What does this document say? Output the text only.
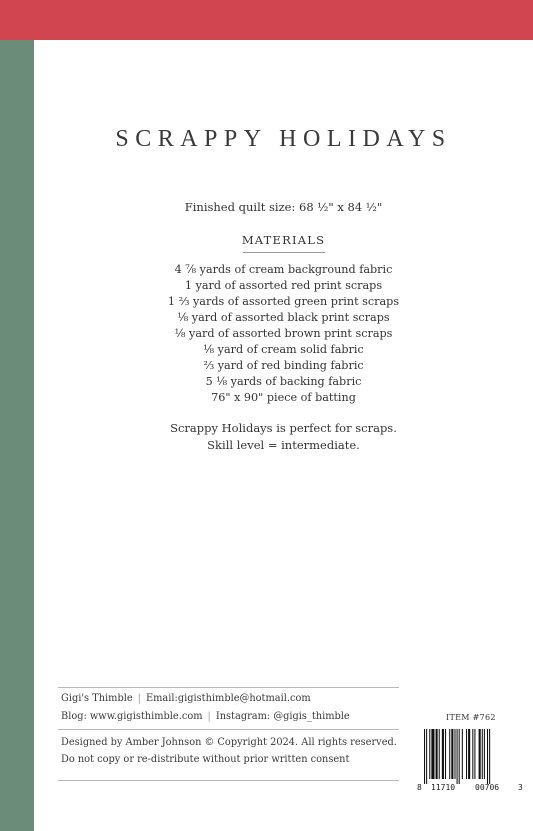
SCRAPPY HOLIDAYS
Finished quilt size: 68 ½" x 84 ½"
MATERIALS
4 ⅞ yards of cream background fabric
1 yard of assorted red print scraps
1 ⅔ yards of assorted green print scraps
⅛ yard of assorted black print scraps
⅛ yard of assorted brown print scraps
⅛ yard of cream solid fabric
⅔ yard of red binding fabric
5 ⅛ yards of backing fabric
76" x 90" piece of batting
Scrappy Holidays is perfect for scraps.
Skill level = intermediate.
Gigi's Thimble | Email:gigisthimble@hotmail.com
Blog: www.gigisthimble.com | Instagram: @gigis_thimble
Designed by Amber Johnson © Copyright 2024. All rights reserved.
Do not copy or re-distribute without prior written consent
ITEM #762
8 11710 00706 3
